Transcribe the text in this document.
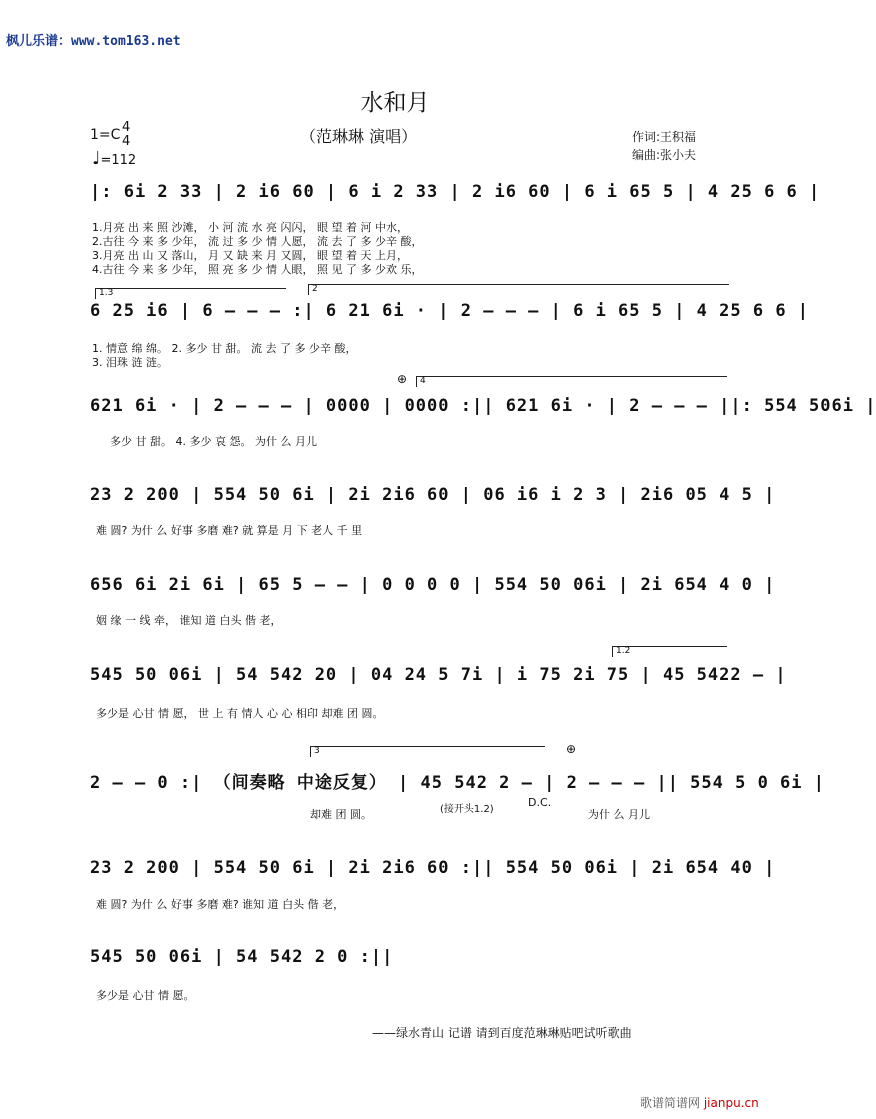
枫儿乐谱：www.tom163.net
水和月
（范琳琳 演唱）	作词:王积福
编曲:张小夫
1=C 4
4
♩=112
|: 6i 2 33 | 2 i6 60 | 6 i 2 33 | 2 i6 60 | 6 i 65 5 | 4 25 6 6 |
1.月亮 出 来 照 沙滩， 小 河 流 水 亮 闪闪， 眼 望 着 河 中水，
2.古往 今 来 多 少年， 流 过 多 少 情 人愿， 流 去 了 多 少辛 酸，
3.月亮 出 山 又 落山， 月 又 缺 来 月 又圆， 眼 望 着 天 上月，
4.古往 今 来 多 少年， 照 亮 多 少 情 人眼， 照 见 了 多 少欢 乐，
1.3	2
6 25 i6 | 6 — — — :| 6 21 6i · | 2 — — — | 6 i 65 5 | 4 25 6 6 |
1. 情意 绵 绵。 2. 多少 甘 甜。 流 去 了 多 少辛 酸，
3. 泪珠 涟 涟。
⊕ 4
621 6i · | 2 — — — | 0000 | 0000 :|| 621 6i · | 2 — — — ||: 554 506i |
多少 甘 甜。 4. 多少 哀 怨。 为什 么 月儿
23 2 200 | 554 50 6i | 2i 2i6 60 | 06 i6 i 2 3 | 2i6 05 4 5 |
难 圆? 为什 么 好事 多磨 难? 就 算是 月 下 老人 千 里
656 6i 2i 6i | 65 5 — — | 0 0 0 0 | 554 50 06i | 2i 654 4 0 |
姻 缘 一 线 牵， 谁知 道 白头 偕 老，
1.2
545 50 06i | 54 542 20 | 04 24 5 7i | i 75 2i 75 | 45 5422 — |
多少是 心甘 情 愿， 世 上 有 情人 心 心 相印 却难 团 圆。
3	⊕
2 — — 0 :| （间奏略 中途反复） | 45 542 2 — | 2 — — — || 554 5 0 6i |
却难 团 圆。	(接开头1.2)
D.C.
为什 么 月儿
23 2 200 | 554 50 6i | 2i 2i6 60 :|| 554 50 06i | 2i 654 40 |
难 圆? 为什 么 好事 多磨 难? 谁知 道 白头 偕 老，
545 50 06i | 54 542 2 0 :||
多少是 心甘 情 愿。
——绿水青山 记谱 请到百度范琳琳贴吧试听歌曲
歌谱简谱网 jianpu.cn
